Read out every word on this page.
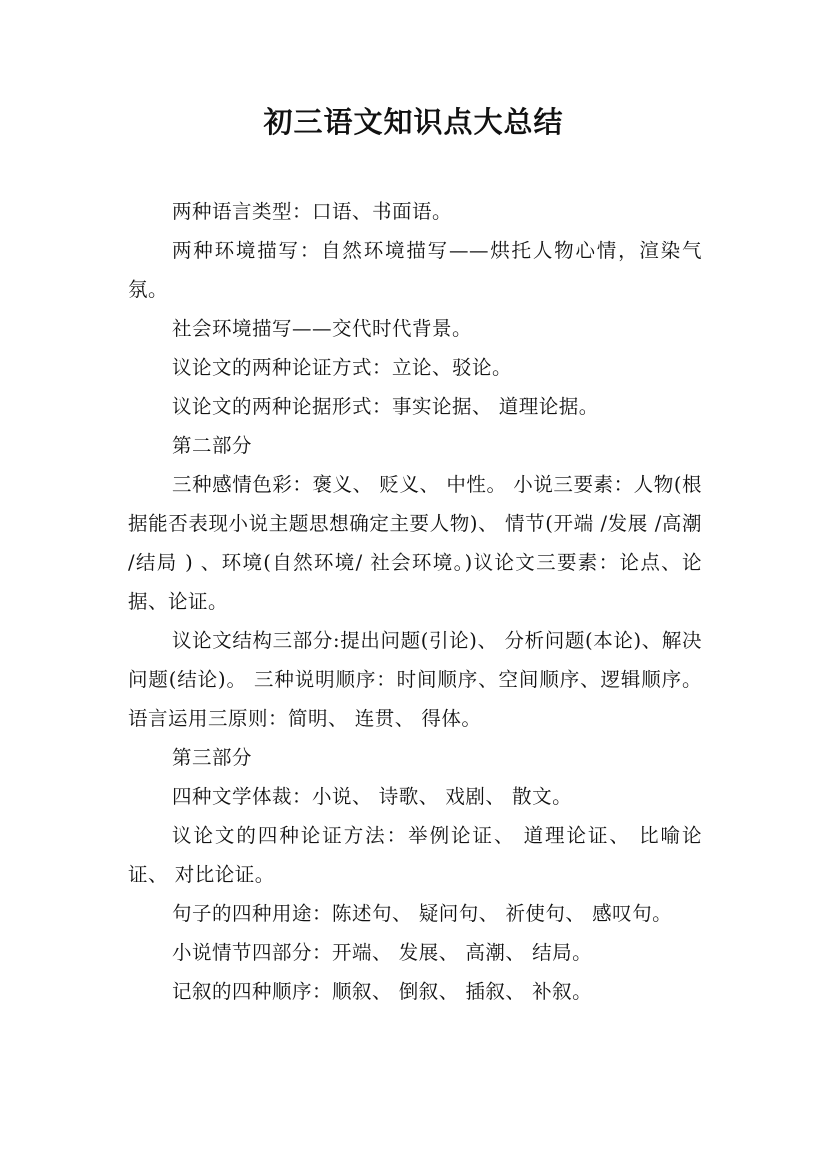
初三语文知识点大总结

两种语言类型：口语、书面语。

两种环境描写：自然环境描写——烘托人物心情，渲染气氛。

社会环境描写——交代时代背景。

议论文的两种论证方式：立论、驳论。

议论文的两种论据形式：事实论据、 道理论据。

第二部分

三种感情色彩：褒义、 贬义、 中性。 小说三要素：人物(根据能否表现小说主题思想确定主要人物)、 情节(开端 /发展 /高潮 /结局 ) 、环境(自然环境/ 社会环境。)议论文三要素：论点、论据、论证。

议论文结构三部分:提出问题(引论)、 分析问题(本论)、解决问题(结论)。 三种说明顺序：时间顺序、空间顺序、逻辑顺序。 语言运用三原则：简明、 连贯、 得体。

第三部分

四种文学体裁：小说、 诗歌、 戏剧、 散文。

议论文的四种论证方法：举例论证、 道理论证、 比喻论证、 对比论证。

句子的四种用途：陈述句、 疑问句、 祈使句、 感叹句。

小说情节四部分：开端、 发展、 高潮、 结局。

记叙的四种顺序：顺叙、 倒叙、 插叙、 补叙。
